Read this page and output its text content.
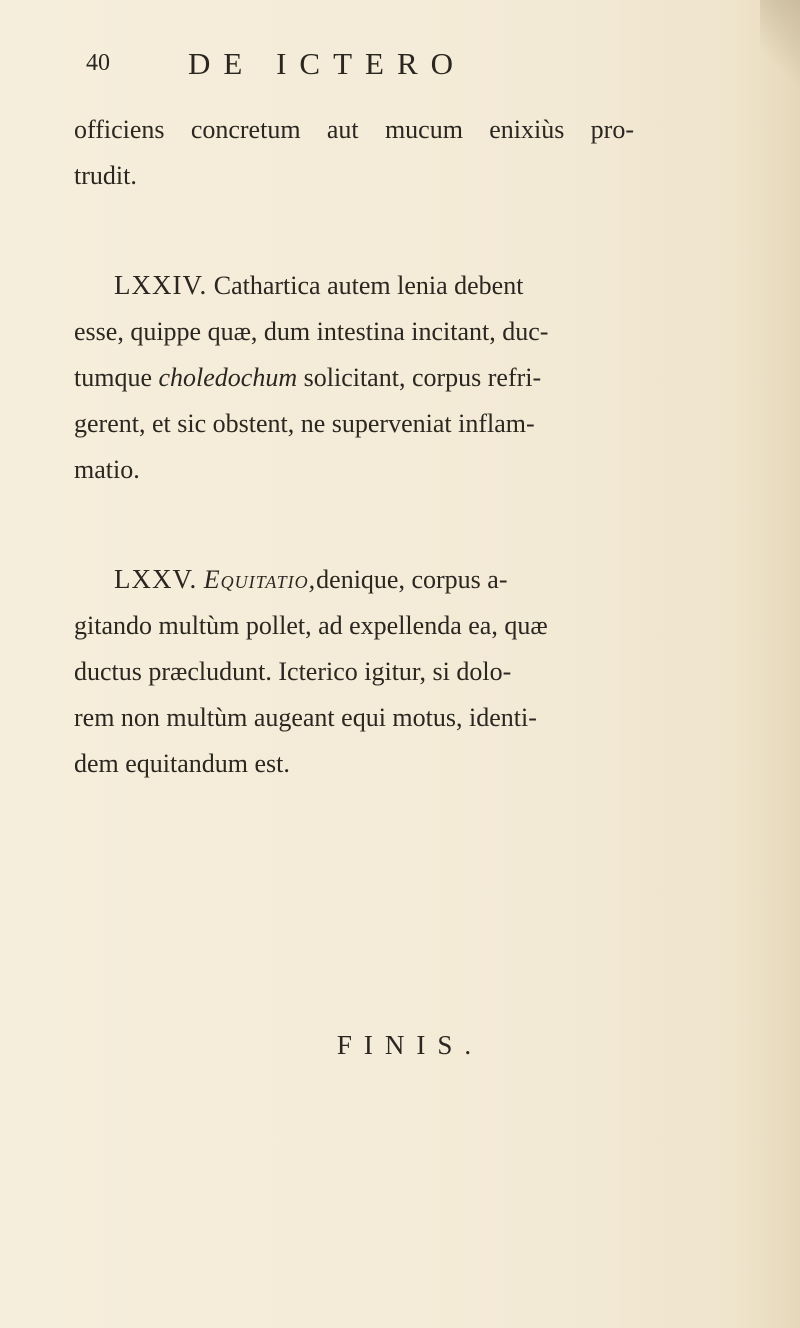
40	DE ICTERO
officiens concretum aut mucum enixiùs pro-
trudit.
LXXIV. Cathartica autem lenia debent
esse, quippe quæ, dum intestina incitant, duc-
tumque choledochum solicitant, corpus refri-
gerent, et sic obstent, ne superveniat inflam-
matio.
LXXV. Equitatio,denique, corpus a-
gitando multùm pollet, ad expellenda ea, quæ
ductus præcludunt. Icterico igitur, si dolo-
rem non multùm augeant equi motus, identi-
dem equitandum est.
FINIS.
